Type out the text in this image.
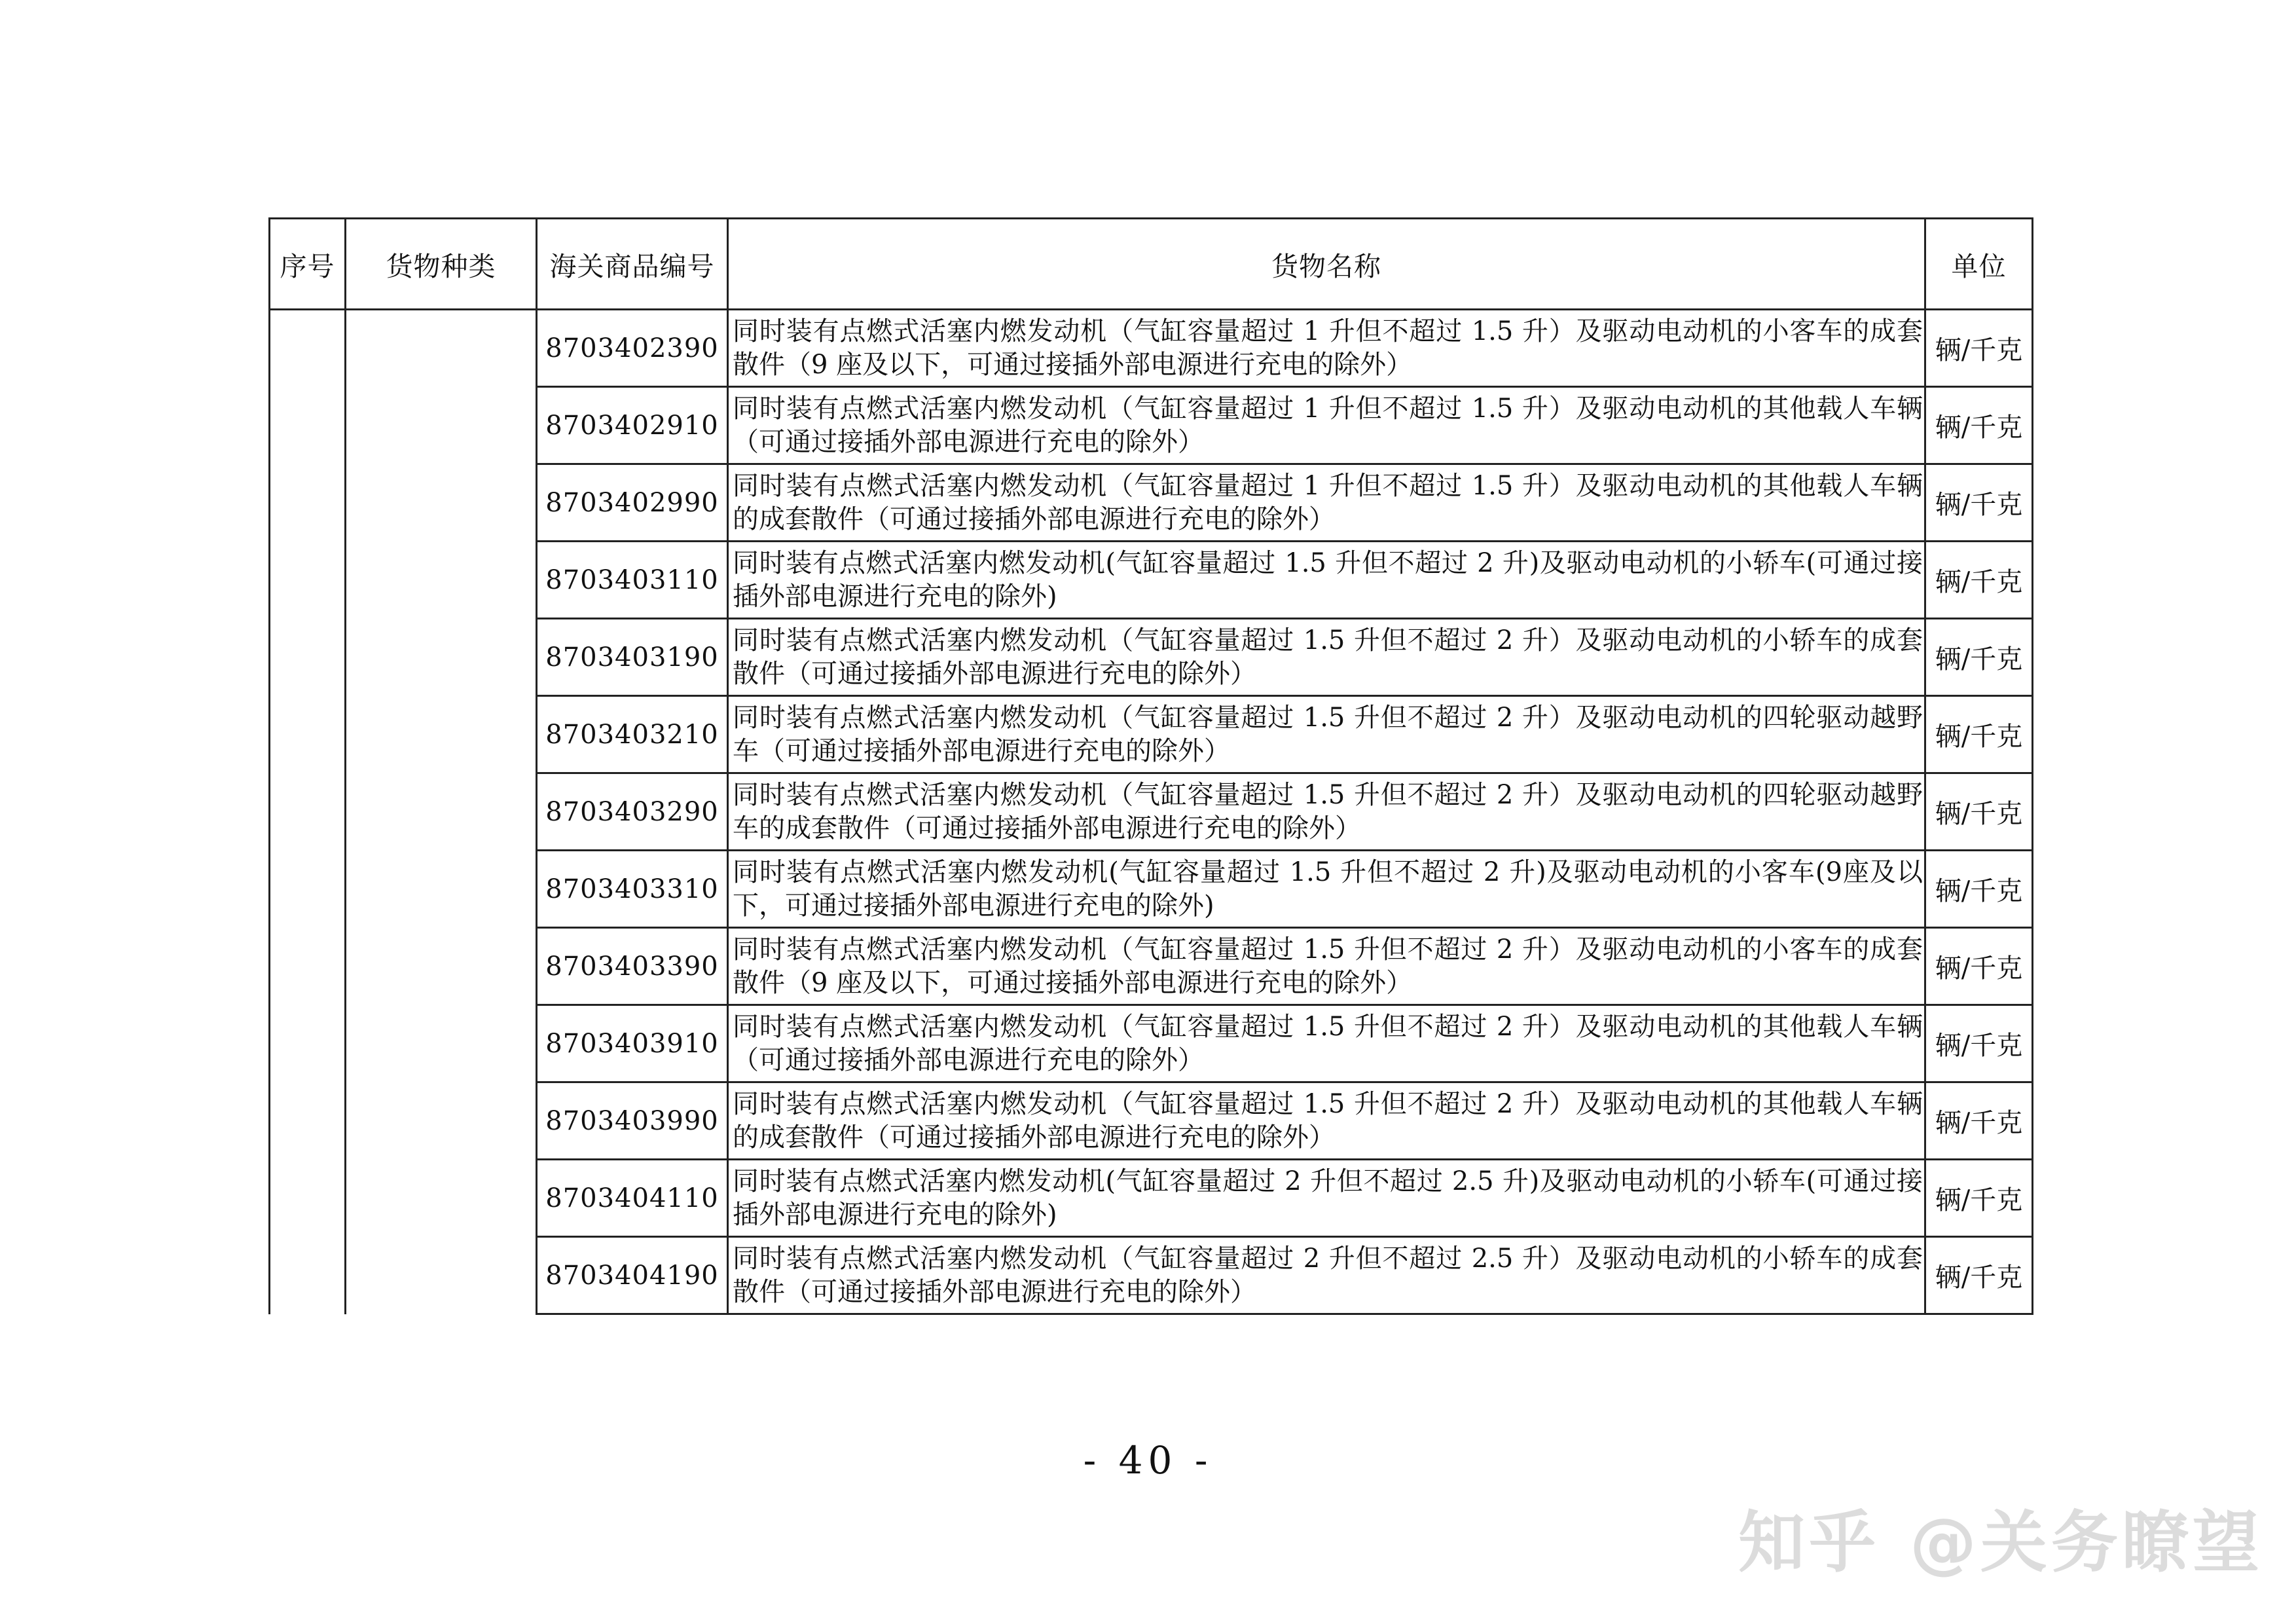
序号	货物种类	海关商品编号	货物名称	单位
		8703402390	同时装有点燃式活塞内燃发动机（气缸容量超过 1 升但不超过 1.5 升）及驱动电动机的小客车的成套散件（9 座及以下，可通过接插外部电源进行充电的除外）	辆/千克
		8703402910	同时装有点燃式活塞内燃发动机（气缸容量超过 1 升但不超过 1.5 升）及驱动电动机的其他载人车辆（可通过接插外部电源进行充电的除外）	辆/千克
		8703402990	同时装有点燃式活塞内燃发动机（气缸容量超过 1 升但不超过 1.5 升）及驱动电动机的其他载人车辆的成套散件（可通过接插外部电源进行充电的除外）	辆/千克
		8703403110	同时装有点燃式活塞内燃发动机(气缸容量超过 1.5 升但不超过 2 升)及驱动电动机的小轿车(可通过接插外部电源进行充电的除外)	辆/千克
		8703403190	同时装有点燃式活塞内燃发动机（气缸容量超过 1.5 升但不超过 2 升）及驱动电动机的小轿车的成套散件（可通过接插外部电源进行充电的除外）	辆/千克
		8703403210	同时装有点燃式活塞内燃发动机（气缸容量超过 1.5 升但不超过 2 升）及驱动电动机的四轮驱动越野车（可通过接插外部电源进行充电的除外）	辆/千克
		8703403290	同时装有点燃式活塞内燃发动机（气缸容量超过 1.5 升但不超过 2 升）及驱动电动机的四轮驱动越野车的成套散件（可通过接插外部电源进行充电的除外）	辆/千克
		8703403310	同时装有点燃式活塞内燃发动机(气缸容量超过 1.5 升但不超过 2 升)及驱动电动机的小客车(9座及以下，可通过接插外部电源进行充电的除外)	辆/千克
		8703403390	同时装有点燃式活塞内燃发动机（气缸容量超过 1.5 升但不超过 2 升）及驱动电动机的小客车的成套散件（9 座及以下，可通过接插外部电源进行充电的除外）	辆/千克
		8703403910	同时装有点燃式活塞内燃发动机（气缸容量超过 1.5 升但不超过 2 升）及驱动电动机的其他载人车辆（可通过接插外部电源进行充电的除外）	辆/千克
		8703403990	同时装有点燃式活塞内燃发动机（气缸容量超过 1.5 升但不超过 2 升）及驱动电动机的其他载人车辆的成套散件（可通过接插外部电源进行充电的除外）	辆/千克
		8703404110	同时装有点燃式活塞内燃发动机(气缸容量超过 2 升但不超过 2.5 升)及驱动电动机的小轿车(可通过接插外部电源进行充电的除外)	辆/千克
		8703404190	同时装有点燃式活塞内燃发动机（气缸容量超过 2 升但不超过 2.5 升）及驱动电动机的小轿车的成套散件（可通过接插外部电源进行充电的除外）	辆/千克
- 40 -
知乎 @关务瞭望
